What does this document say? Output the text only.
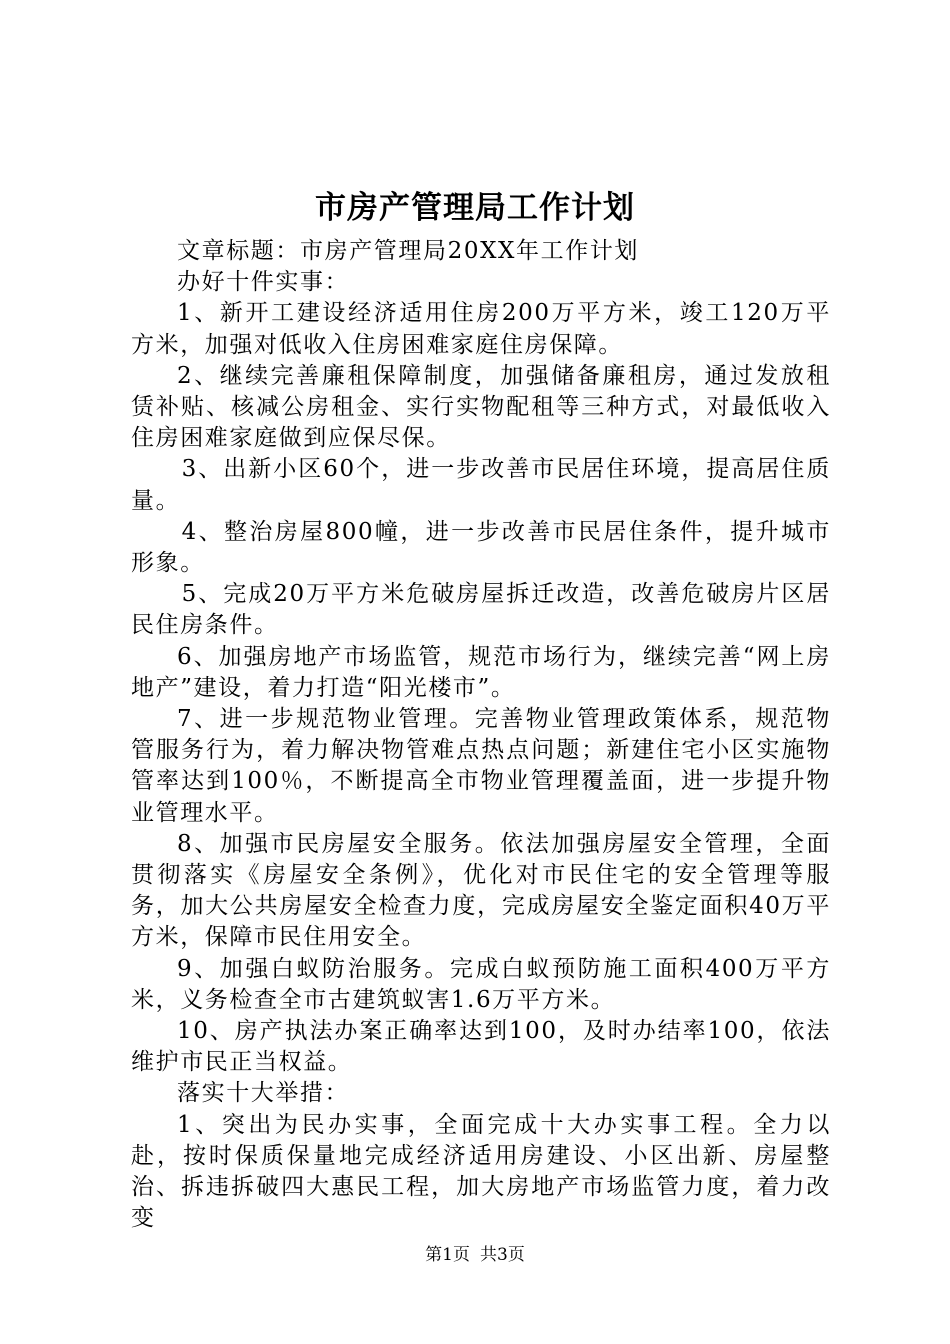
市房产管理局工作计划

文章标题：市房产管理局20XX年工作计划

办好十件实事：

1、新开工建设经济适用住房200万平方米，竣工120万平方米，加强对低收入住房困难家庭住房保障。

2、继续完善廉租保障制度，加强储备廉租房，通过发放租赁补贴、核减公房租金、实行实物配租等三种方式，对最低收入住房困难家庭做到应保尽保。

3、出新小区60个，进一步改善市民居住环境，提高居住质量。

4、整治房屋800幢，进一步改善市民居住条件，提升城市形象。

5、完成20万平方米危破房屋拆迁改造，改善危破房片区居民住房条件。

6、加强房地产市场监管，规范市场行为，继续完善“网上房地产”建设，着力打造“阳光楼市”。

7、进一步规范物业管理。完善物业管理政策体系，规范物管服务行为，着力解决物管难点热点问题；新建住宅小区实施物管率达到100％，不断提高全市物业管理覆盖面，进一步提升物业管理水平。

8、加强市民房屋安全服务。依法加强房屋安全管理，全面贯彻落实《房屋安全条例》，优化对市民住宅的安全管理等服务，加大公共房屋安全检查力度，完成房屋安全鉴定面积40万平方米，保障市民住用安全。

9、加强白蚁防治服务。完成白蚁预防施工面积400万平方米，义务检查全市古建筑蚁害1.6万平方米。

10、房产执法办案正确率达到100，及时办结率100，依法维护市民正当权益。

落实十大举措：

1、突出为民办实事，全面完成十大办实事工程。全力以赴，按时保质保量地完成经济适用房建设、小区出新、房屋整治、拆违拆破四大惠民工程，加大房地产市场监管力度，着力改变

第1页 共3页
